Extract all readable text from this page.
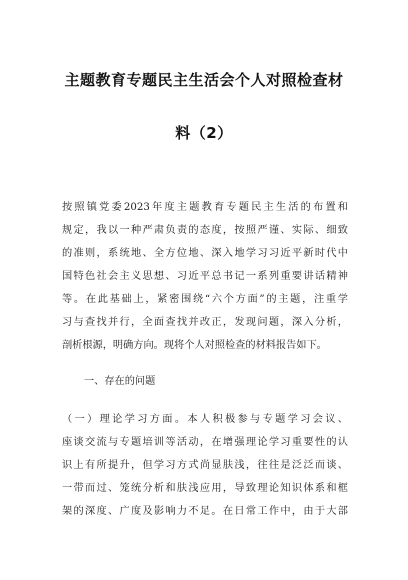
主题教育专题民主生活会个人对照检查材
料（2）
按照镇党委2023年度主题教育专题民主生活的布置和
规定，我以一种严肃负责的态度，按照严谨、实际、细致
的准则，系统地、全方位地、深入地学习习近平新时代中
国特色社会主义思想、习近平总书记一系列重要讲话精神
等。在此基础上，紧密围绕“六个方面”的主题，注重学
习与查找并行，全面查找并改正，发现问题，深入分析，
剖析根源，明确方向。现将个人对照检查的材料报告如下。
一、存在的问题
（一）理论学习方面。本人积极参与专题学习会议、
座谈交流与专题培训等活动，在增强理论学习重要性的认
识上有所提升，但学习方式尚显肤浅，往往是泛泛而谈、
一带而过、笼统分析和肤浅应用，导致理论知识体系和框
架的深度、广度及影响力不足。在日常工作中，由于大部
